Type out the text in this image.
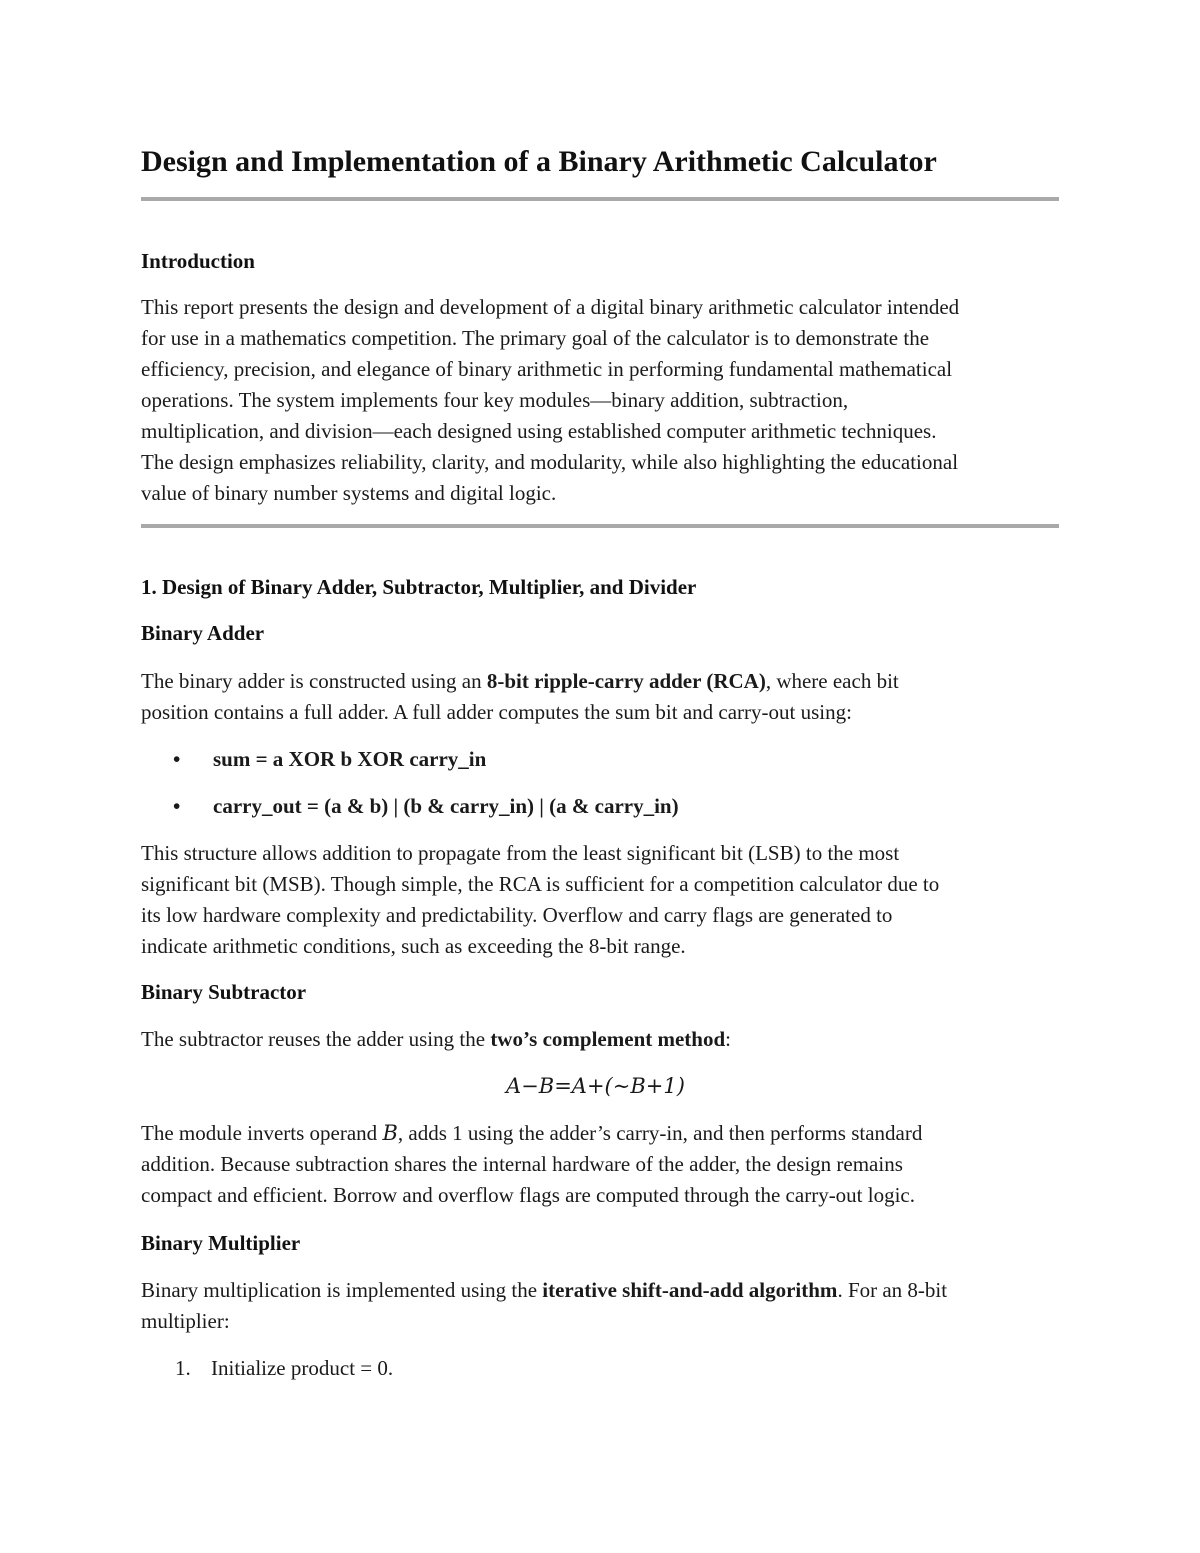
Design and Implementation of a Binary Arithmetic Calculator
Introduction

This report presents the design and development of a digital binary arithmetic calculator intended
for use in a mathematics competition. The primary goal of the calculator is to demonstrate the
efficiency, precision, and elegance of binary arithmetic in performing fundamental mathematical
operations. The system implements four key modules—binary addition, subtraction,
multiplication, and division—each designed using established computer arithmetic techniques.
The design emphasizes reliability, clarity, and modularity, while also highlighting the educational
value of binary number systems and digital logic.

1. Design of Binary Adder, Subtractor, Multiplier, and Divider
Binary Adder

The binary adder is constructed using an 8-bit ripple-carry adder (RCA), where each bit
position contains a full adder. A full adder computes the sum bit and carry-out using:

• sum = a XOR b XOR carry_in
• carry_out = (a & b) | (b & carry_in) | (a & carry_in)

This structure allows addition to propagate from the least significant bit (LSB) to the most
significant bit (MSB). Though simple, the RCA is sufficient for a competition calculator due to
its low hardware complexity and predictability. Overflow and carry flags are generated to
indicate arithmetic conditions, such as exceeding the 8-bit range.

Binary Subtractor

The subtractor reuses the adder using the two’s complement method:

A−B=A+(∼B+1)

The module inverts operand B, adds 1 using the adder’s carry-in, and then performs standard
addition. Because subtraction shares the internal hardware of the adder, the design remains
compact and efficient. Borrow and overflow flags are computed through the carry-out logic.

Binary Multiplier

Binary multiplication is implemented using the iterative shift-and-add algorithm. For an 8-bit
multiplier:

1. Initialize product = 0.
